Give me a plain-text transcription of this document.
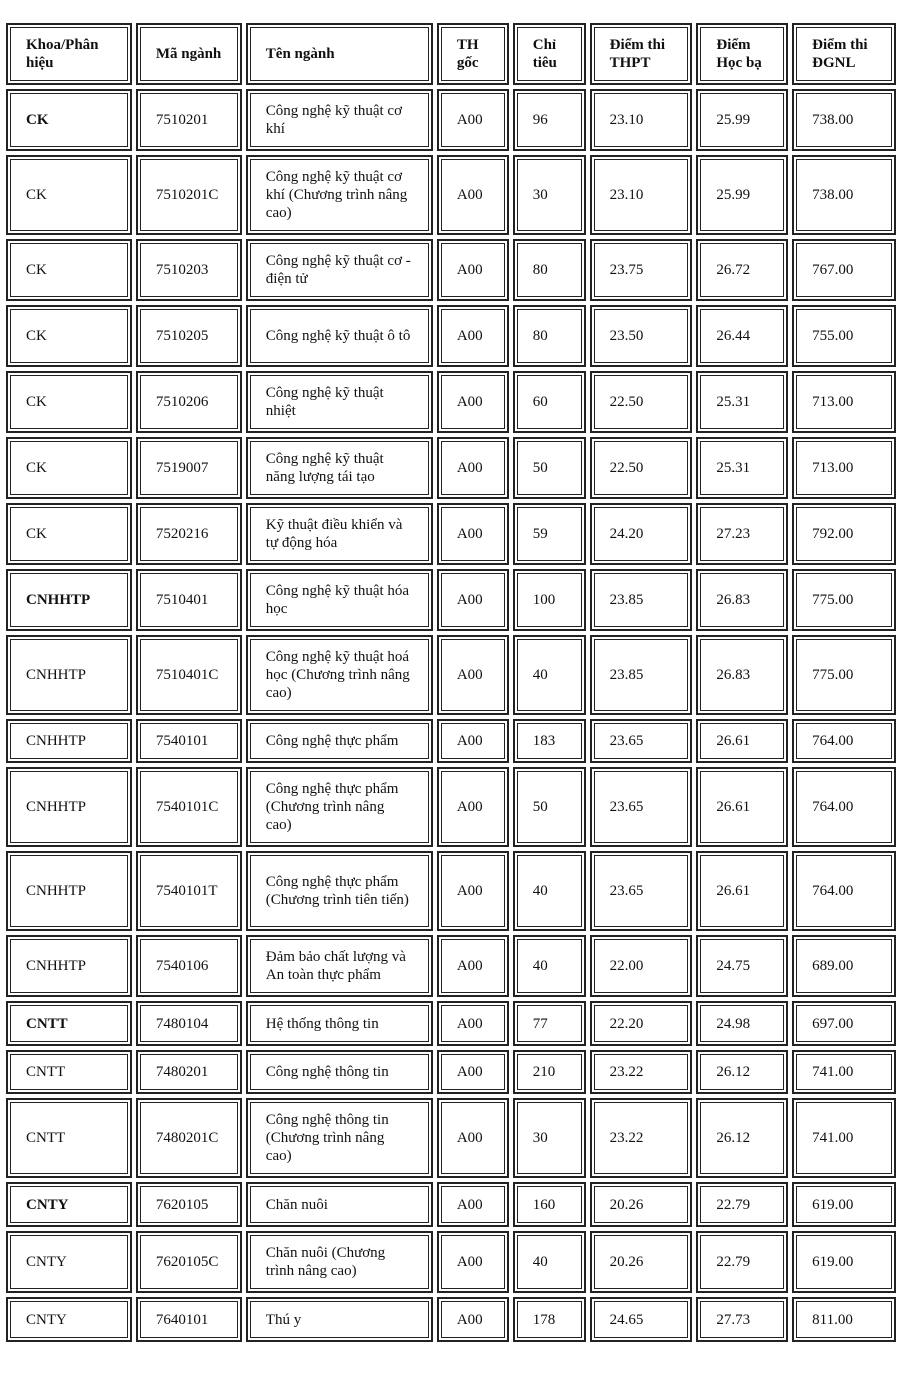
Khoa/Phân hiệu	Mã ngành	Tên ngành	TH gốc	Chỉ tiêu	Điểm thi THPT	Điểm Học bạ	Điểm thi ĐGNL
CK	7510201	Công nghệ kỹ thuật cơ khí	A00	96	23.10	25.99	738.00
CK	7510201C	Công nghệ kỹ thuật cơ khí (Chương trình nâng cao)	A00	30	23.10	25.99	738.00
CK	7510203	Công nghệ kỹ thuật cơ - điện tử	A00	80	23.75	26.72	767.00
CK	7510205	Công nghệ kỹ thuật ô tô	A00	80	23.50	26.44	755.00
CK	7510206	Công nghệ kỹ thuật nhiệt	A00	60	22.50	25.31	713.00
CK	7519007	Công nghệ kỹ thuật năng lượng tái tạo	A00	50	22.50	25.31	713.00
CK	7520216	Kỹ thuật điều khiển và tự động hóa	A00	59	24.20	27.23	792.00
CNHHTP	7510401	Công nghệ kỹ thuật hóa học	A00	100	23.85	26.83	775.00
CNHHTP	7510401C	Công nghệ kỹ thuật hoá học (Chương trình nâng cao)	A00	40	23.85	26.83	775.00
CNHHTP	7540101	Công nghệ thực phẩm	A00	183	23.65	26.61	764.00
CNHHTP	7540101C	Công nghệ thực phẩm (Chương trình nâng cao)	A00	50	23.65	26.61	764.00
CNHHTP	7540101T	Công nghệ thực phẩm (Chương trình tiên tiến)	A00	40	23.65	26.61	764.00
CNHHTP	7540106	Đảm bảo chất lượng và An toàn thực phẩm	A00	40	22.00	24.75	689.00
CNTT	7480104	Hệ thống thông tin	A00	77	22.20	24.98	697.00
CNTT	7480201	Công nghệ thông tin	A00	210	23.22	26.12	741.00
CNTT	7480201C	Công nghệ thông tin (Chương trình nâng cao)	A00	30	23.22	26.12	741.00
CNTY	7620105	Chăn nuôi	A00	160	20.26	22.79	619.00
CNTY	7620105C	Chăn nuôi (Chương trình nâng cao)	A00	40	20.26	22.79	619.00
CNTY	7640101	Thú y	A00	178	24.65	27.73	811.00
